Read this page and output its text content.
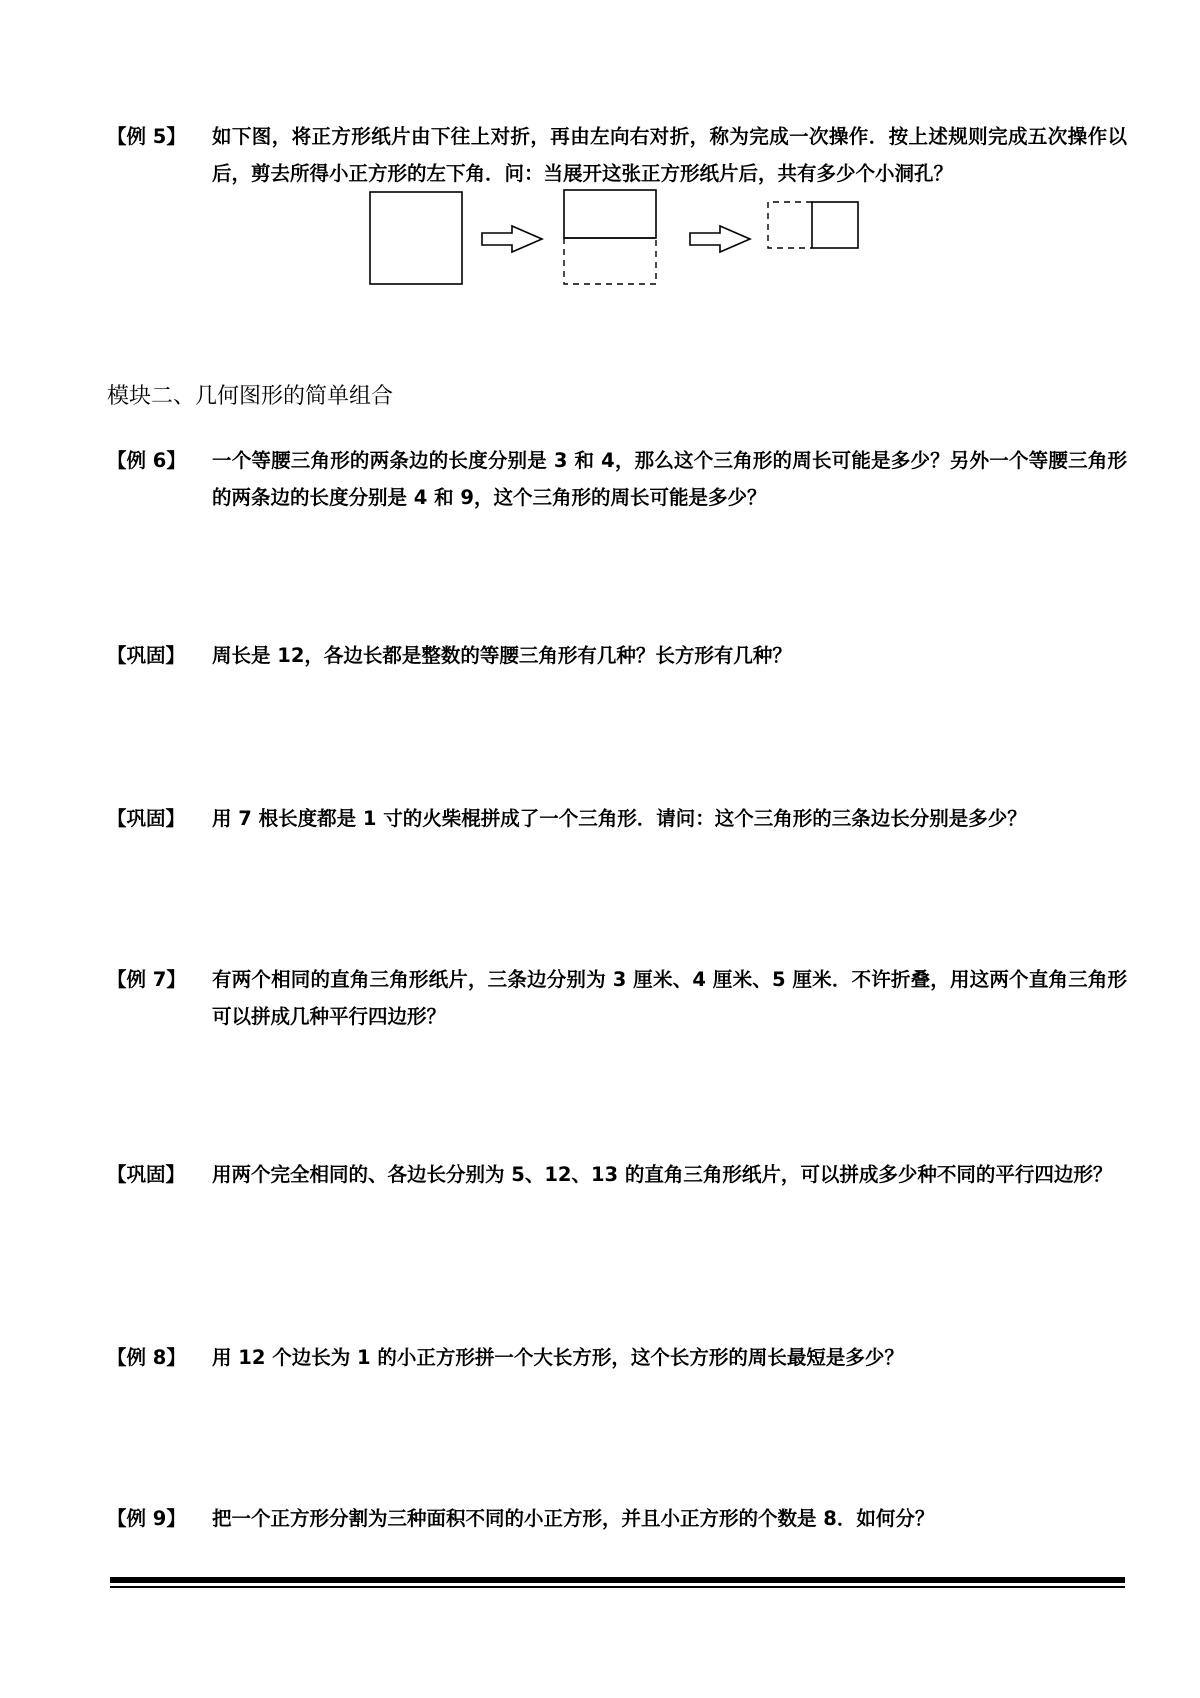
【例 5】	如下图，将正方形纸片由下往上对折，再由左向右对折，称为完成一次操作．按上述规则完成五次操作以后，剪去所得小正方形的左下角．问：当展开这张正方形纸片后，共有多少个小洞孔？
模块二、几何图形的简单组合
【例 6】	一个等腰三角形的两条边的长度分别是 3 和 4，那么这个三角形的周长可能是多少？另外一个等腰三角形的两条边的长度分别是 4 和 9，这个三角形的周长可能是多少？
【巩固】	周长是 12，各边长都是整数的等腰三角形有几种？长方形有几种？
【巩固】	用 7 根长度都是 1 寸的火柴棍拼成了一个三角形．请问：这个三角形的三条边长分别是多少？
【例 7】	有两个相同的直角三角形纸片，三条边分别为 3 厘米、4 厘米、5 厘米．不许折叠，用这两个直角三角形可以拼成几种平行四边形？
【巩固】	用两个完全相同的、各边长分别为 5、12、13 的直角三角形纸片，可以拼成多少种不同的平行四边形？
【例 8】	用 12 个边长为 1 的小正方形拼一个大长方形，这个长方形的周长最短是多少？
【例 9】	把一个正方形分割为三种面积不同的小正方形，并且小正方形的个数是 8．如何分？
